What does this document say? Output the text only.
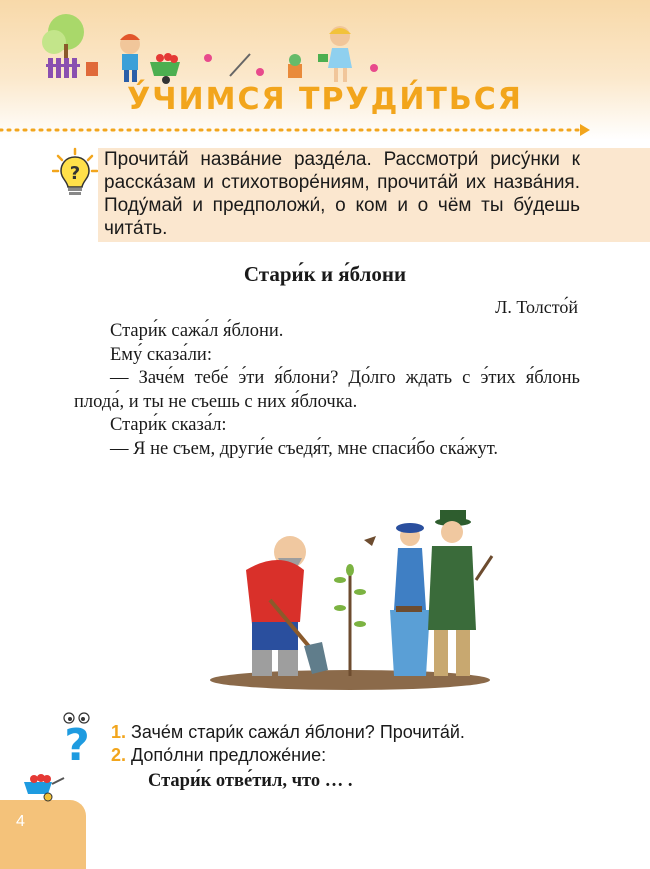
У́ЧИМСЯ ТРУДИ́ТЬСЯ
?
Прочита́й назва́ние разде́ла. Рассмотри́ рису́нки к расска́зам и стихотворе́ниям, прочита́й их назва́ния. Поду́май и предположи́, о ком и о чём ты бу́дешь чита́ть.
Стари́к и я́блони
Л. Толсто́й

Стари́к сажа́л я́блони.

Ему́ сказа́ли:

— Заче́м тебе́ э́ти я́блони? До́лго ждать с э́тих я́блонь плода́, и ты не съешь с них я́блочка.

Стари́к сказа́л:

— Я не съем, други́е съедя́т, мне спаси́бо ска́жут.

? 1. Заче́м стари́к сажа́л я́блони? Прочита́й.
2. Допо́лни предложе́ние:
Стари́к отве́тил, что … .
4
